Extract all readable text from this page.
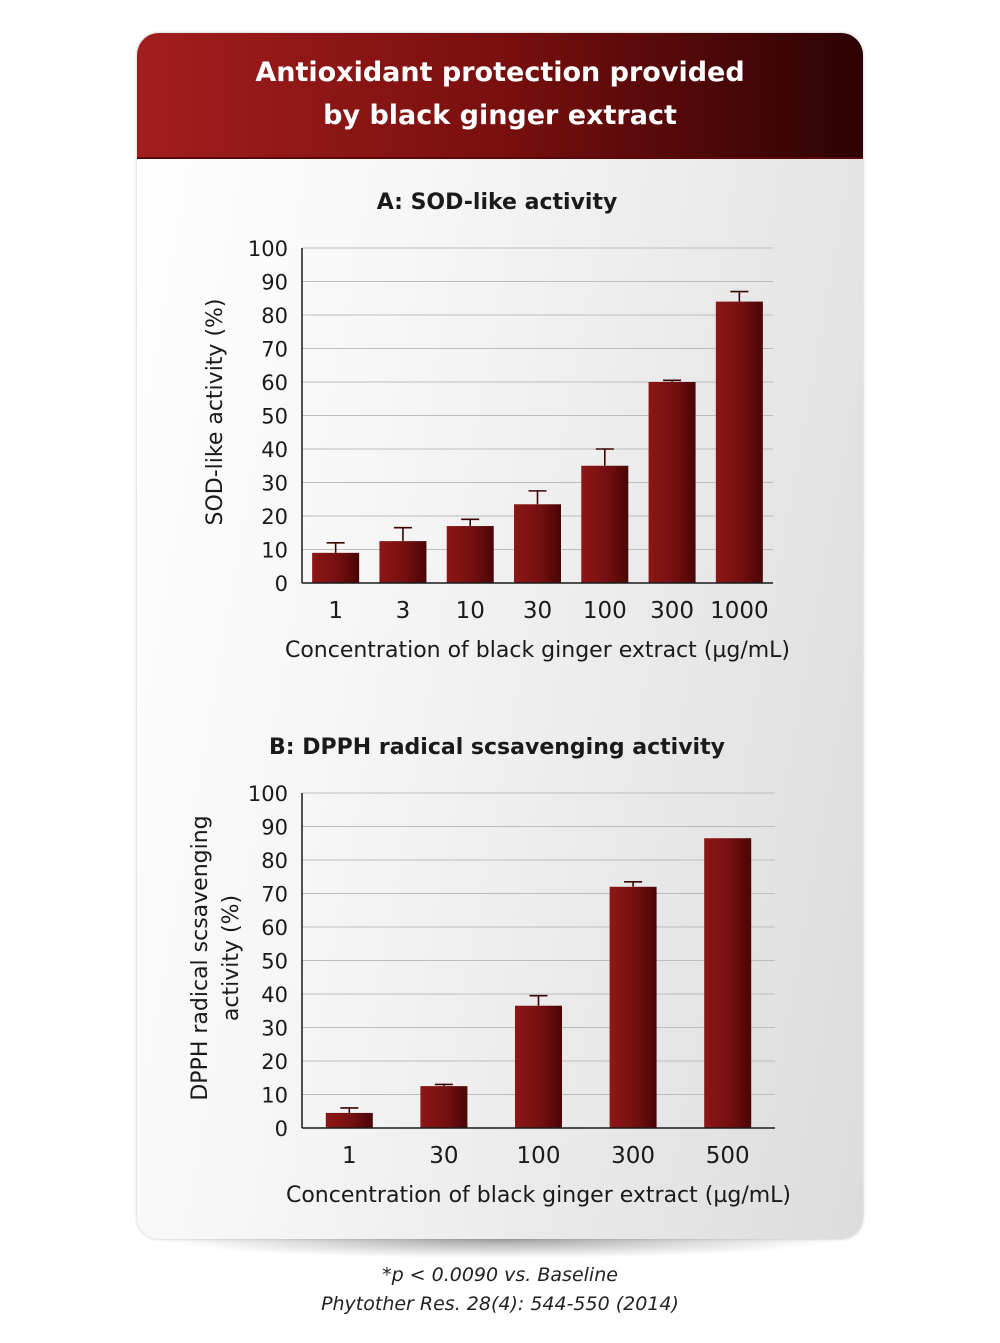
Antioxidant protection provided
by black ginger extract
A: SOD-like activity
0
10
20
30
40
50
60
70
80
90
100
1 3 10 30 100 300 1000
Concentration of black ginger extract (µg/mL)
SOD-like activity (%)
B: DPPH radical scsavenging activity
0
10
20
30
40
50
60
70
80
90
100
1	30	100 300 500
Concentration of black ginger extract (µg/mL)
DPPH radical scsavenging activity (%)
*p < 0.0090 vs. Baseline
Phytother Res. 28(4): 544-550 (2014)
